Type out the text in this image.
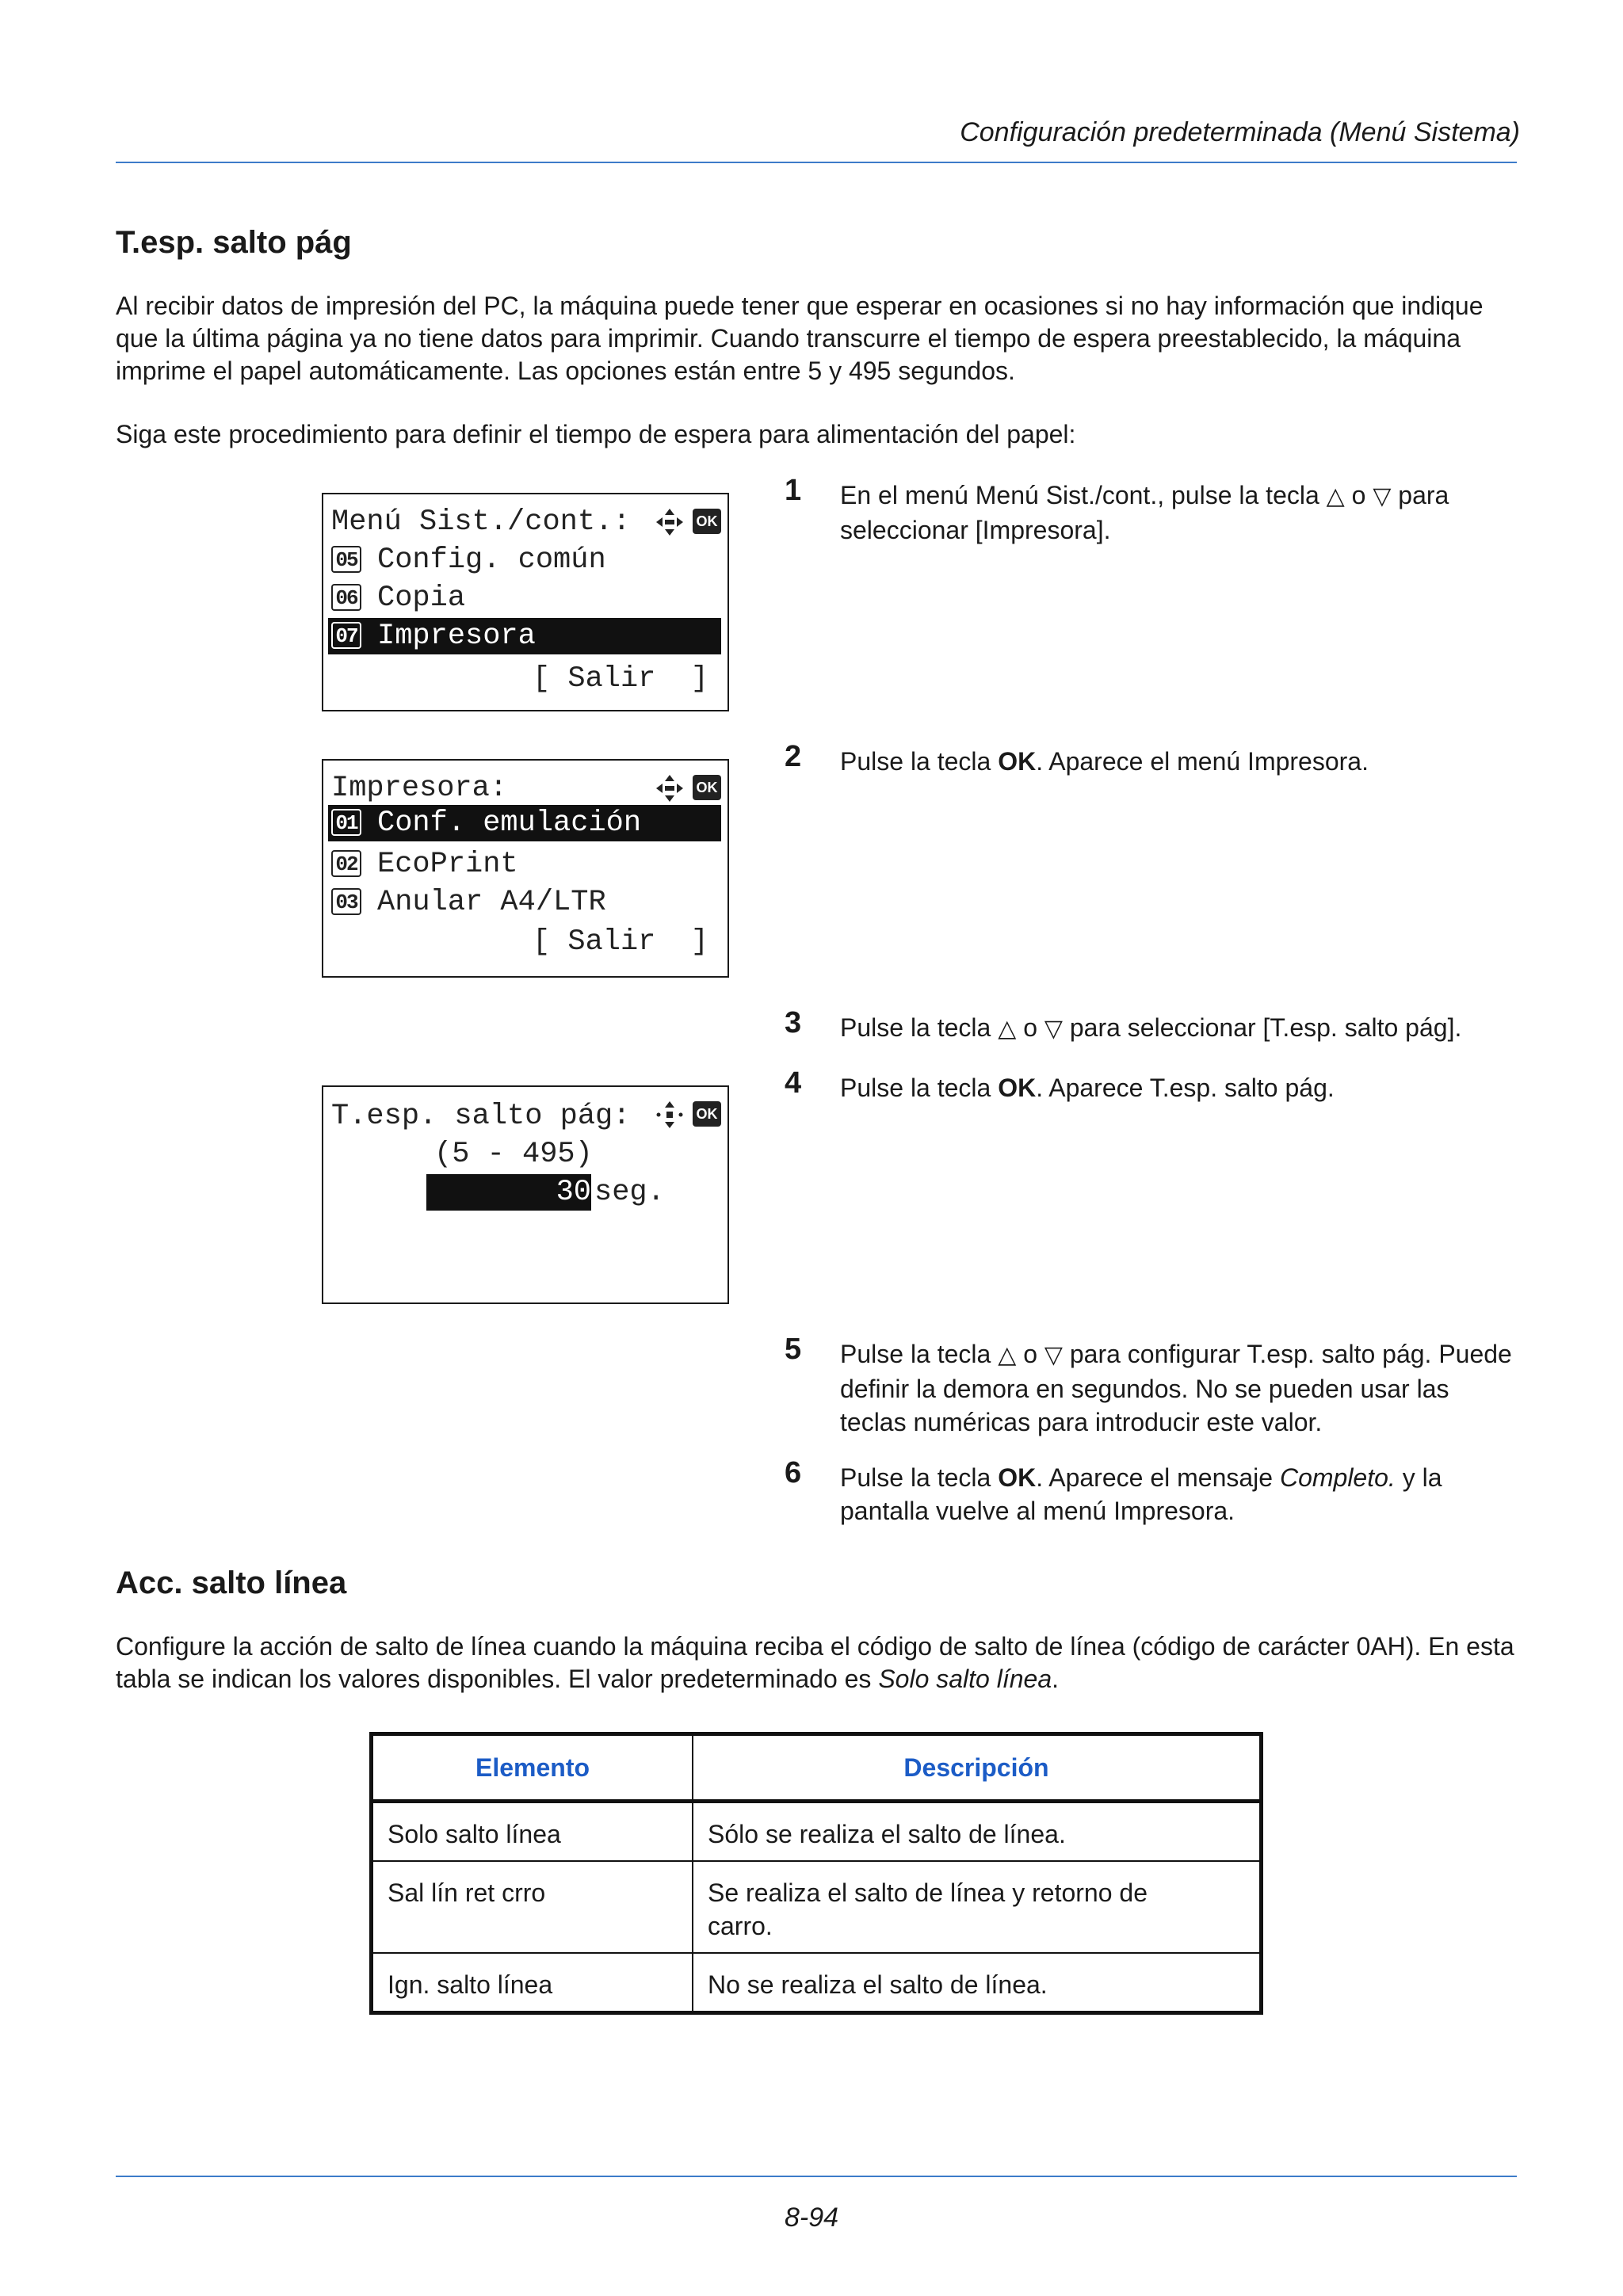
Configuración predeterminada (Menú Sistema)
T.esp. salto pág

Al recibir datos de impresión del PC, la máquina puede tener que esperar en ocasiones si no hay información que indique que la última página ya no tiene datos para imprimir. Cuando transcurre el tiempo de espera preestablecido, la máquina imprime el papel automáticamente. Las opciones están entre 5 y 495 segundos.

Siga este procedimiento para definir el tiempo de espera para alimentación del papel:

Menú Sist./cont.:	OK
05 Config. común
06 Copia
07 Impresora
[ Salir  ]
Impresora:	OK
01 Conf. emulación
02 EcoPrint
03 Anular A4/LTR
[ Salir  ]
T.esp. salto pág:	OK
(5 - 495)
30 seg.
1 En el menú Menú Sist./cont., pulse la tecla △ o ▽ para seleccionar [Impresora].
2 Pulse la tecla OK. Aparece el menú Impresora.
3 Pulse la tecla △ o ▽ para seleccionar [T.esp. salto pág].
4 Pulse la tecla OK. Aparece T.esp. salto pág.
5 Pulse la tecla △ o ▽ para configurar T.esp. salto pág. Puede definir la demora en segundos. No se pueden usar las teclas numéricas para introducir este valor.
6 Pulse la tecla OK. Aparece el mensaje Completo. y la pantalla vuelve al menú Impresora.
Acc. salto línea

Configure la acción de salto de línea cuando la máquina reciba el código de salto de línea (código de carácter 0AH). En esta tabla se indican los valores disponibles. El valor predeterminado es Solo salto línea.

Elemento	Descripción
Solo salto línea	Sólo se realiza el salto de línea.
Sal lín ret crro	Se realiza el salto de línea y retorno de carro.
Ign. salto línea	No se realiza el salto de línea.
8-94
